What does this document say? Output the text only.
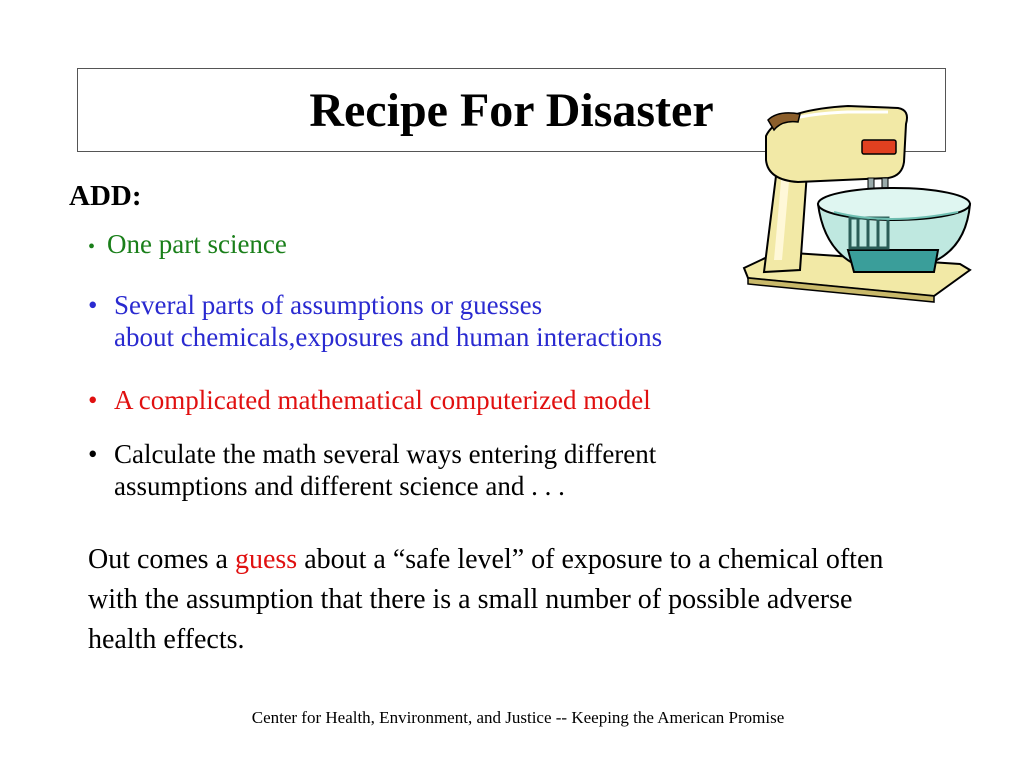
Recipe For Disaster

ADD:

• One part science

• Several parts of assumptions or guesses
about chemicals,exposures and human interactions

• A complicated mathematical computerized model

• Calculate the math several ways entering different
assumptions and different science and . . .

Out comes a guess about a “safe level” of exposure to a chemical often with the assumption that there is a small number of possible adverse health effects.

Center for Health, Environment, and Justice -- Keeping the American Promise
